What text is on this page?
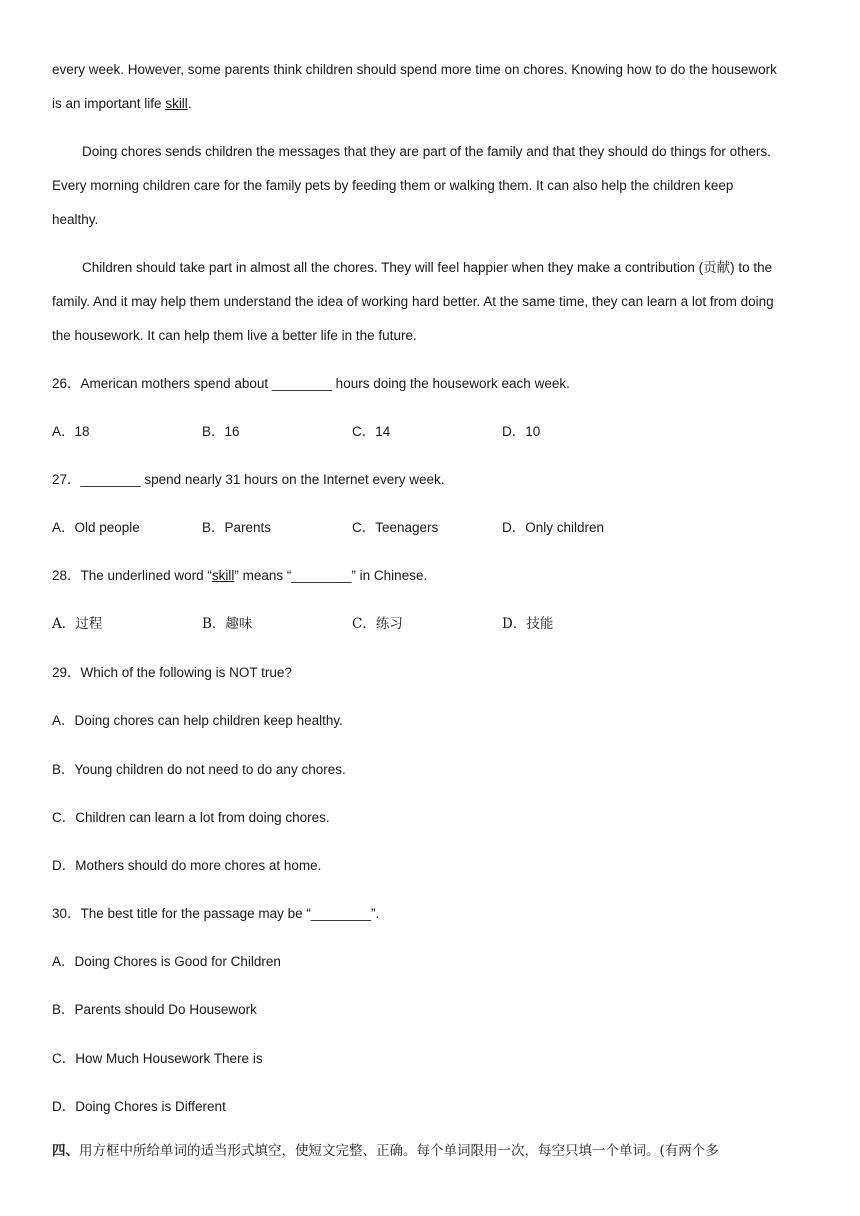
every week. However, some parents think children should spend more time on chores. Knowing how to do the housework
is an important life skill.
Doing chores sends children the messages that they are part of the family and that they should do things for others.
Every morning children care for the family pets by feeding them or walking them. It can also help the children keep
healthy.
Children should take part in almost all the chores. They will feel happier when they make a contribution (贡献) to the
family. And it may help them understand the idea of working hard better. At the same time, they can learn a lot from doing
the housework. It can help them live a better life in the future.
26．American mothers spend about ________ hours doing the housework each week.
A．18	B．16	C．14	D．10
27．________ spend nearly 31 hours on the Internet every week.
A．Old people	B．Parents	C．Teenagers	D．Only children
28．The underlined word “skill” means “________” in Chinese.
A．过程	B．趣味	C．练习	D．技能
29．Which of the following is NOT true?
A．Doing chores can help children keep healthy.
B．Young children do not need to do any chores.
C．Children can learn a lot from doing chores.
D．Mothers should do more chores at home.
30．The best title for the passage may be “________”.
A．Doing Chores is Good for Children
B．Parents should Do Housework
C．How Much Housework There is
D．Doing Chores is Different
四、用方框中所给单词的适当形式填空，使短文完整、正确。每个单词限用一次，每空只填一个单词。(有两个多
